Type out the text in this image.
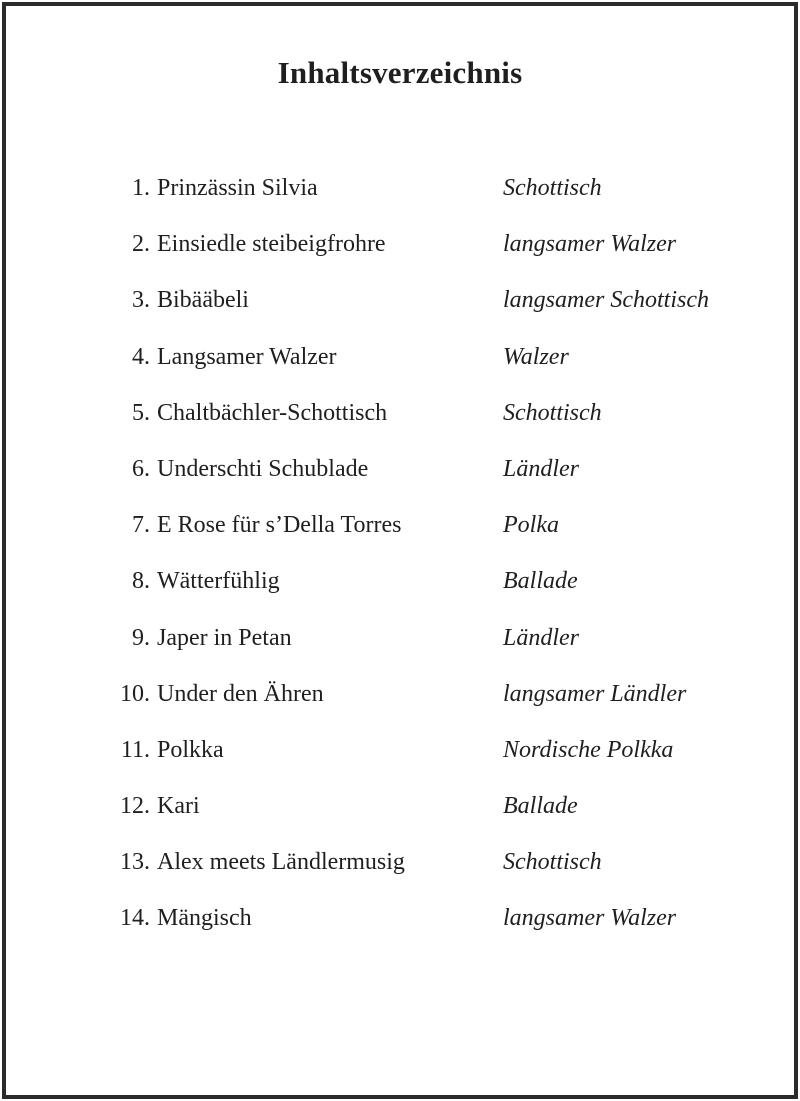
Inhaltsverzeichnis
1. Prinzässin Silvia	Schottisch
2. Einsiedle steibeigfrohre	langsamer Walzer
3. Bibääbeli	langsamer Schottisch
4. Langsamer Walzer	Walzer
5. Chaltbächler-Schottisch	Schottisch
6. Underschti Schublade	Ländler
7. E Rose für s’Della Torres	Polka
8. Wätterfühlig	Ballade
9. Japer in Petan	Ländler
10. Under den Ähren	langsamer Ländler
11. Polkka	Nordische Polkka
12. Kari	Ballade
13. Alex meets Ländlermusig	Schottisch
14. Mängisch	langsamer Walzer
